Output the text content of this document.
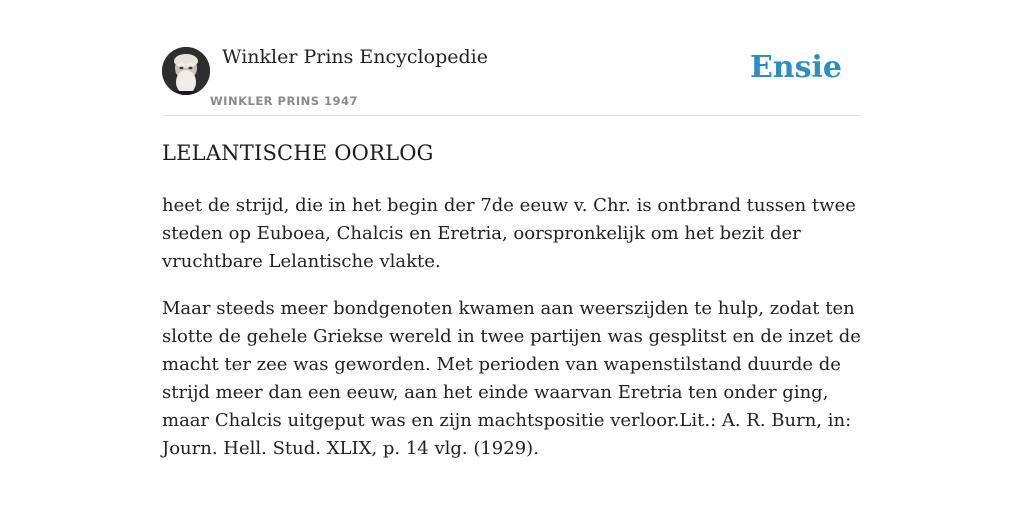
Winkler Prins Encyclopedie
WINKLER PRINS 1947
Ensie
LELANTISCHE OORLOG

heet de strijd, die in het begin der 7de eeuw v. Chr. is ontbrand tussen twee steden op Euboea, Chalcis en Eretria, oorspronkelijk om het bezit der vruchtbare Lelantische vlakte.

Maar steeds meer bondgenoten kwamen aan weerszijden te hulp, zodat ten slotte de gehele Griekse wereld in twee partijen was gesplitst en de inzet de macht ter zee was geworden. Met perioden van wapenstilstand duurde de strijd meer dan een eeuw, aan het einde waarvan Eretria ten onder ging, maar Chalcis uitgeput was en zijn machtspositie verloor.Lit.: A. R. Burn, in: Journ. Hell. Stud. XLIX, p. 14 vlg. (1929).
